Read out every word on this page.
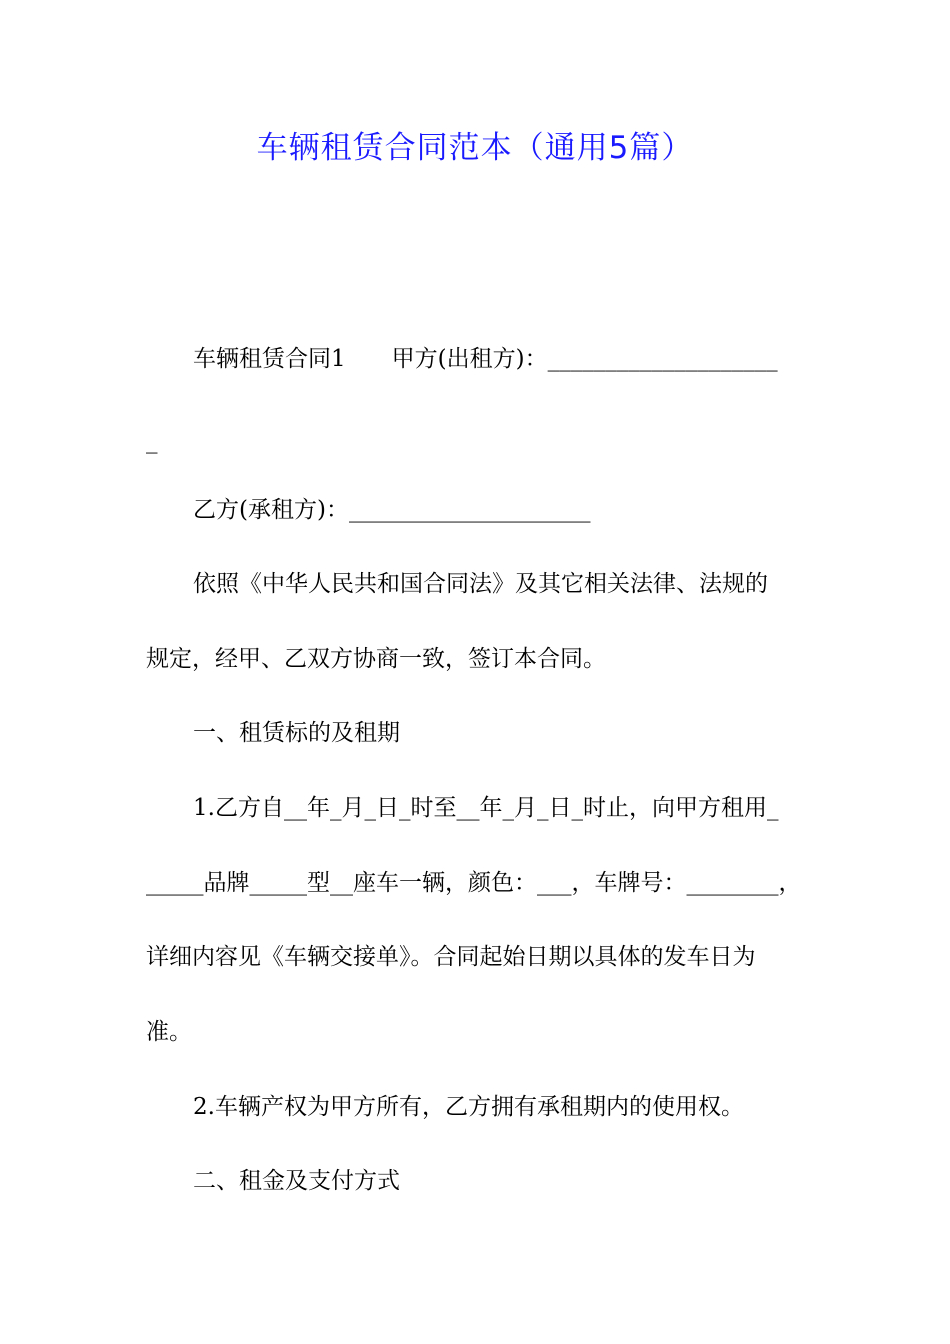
车辆租赁合同范本（通用5篇）

车辆租赁合同1 甲方(出租方)：____________________

_

乙方(承租方)：_____________________

依照《中华人民共和国合同法》及其它相关法律、法规的

规定，经甲、乙双方协商一致，签订本合同。

一、租赁标的及租期

1.乙方自__年_月_日_时至__年_月_日_时止，向甲方租用_

_____品牌_____型__座车一辆，颜色：___，车牌号：________，

详细内容见《车辆交接单》。合同起始日期以具体的发车日为

准。

2.车辆产权为甲方所有，乙方拥有承租期内的使用权。

二、租金及支付方式
